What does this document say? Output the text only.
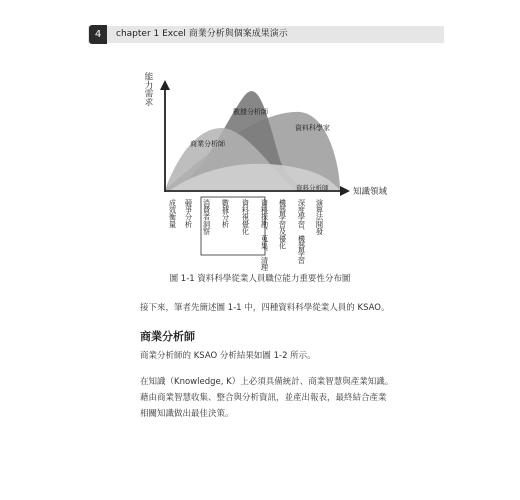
4	chapter 1 Excel 商業分析與個案成果演示
能力需求
知識領域
數據分析師
商業分析師
資料科學家
資料分析師
成效衡量 競爭分析 消費者洞察 數據分析 資料視覺化 資料探勘、蒐集、清理 機器學習及優化 深度學習、機器學習 演算法開發
圖 1-1 資料科學從業人員職位能力重要性分布圖
接下來，筆者先簡述圖 1-1 中，四種資料科學從業人員的 KSAO。
商業分析師
商業分析師的 KSAO 分析結果如圖 1-2 所示。
在知識（Knowledge, K）上必須具備統計、商業智慧與產業知識。
藉由商業智慧收集、整合與分析資訊，並產出報表，最終結合產業
相關知識做出最佳決策。
